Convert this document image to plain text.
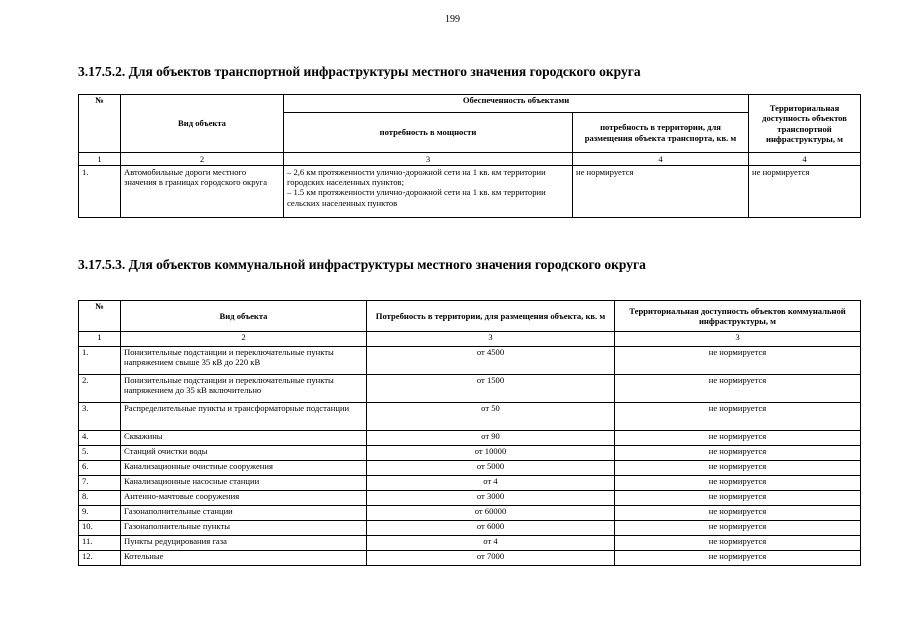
199
3.17.5.2. Для объектов транспортной инфраструктуры местного значения городского округа
№	Вид объекта	Обеспеченность объектами		Территориальная доступность объектов транспортной инфраструктуры, м
		потребность в мощности	потребность в территории, для размещения объекта транспорта, кв. м	
1	2	3	4	4
1.	Автомобильные дороги местного значения в границах городского округа	– 2,6 км протяженности улично-дорожной сети на 1 кв. км территории городских населенных пунктов;
– 1.5 км протяженности улично-дорожной сети на 1 кв. км территории сельских населенных пунктов	не нормируется	не нормируется
3.17.5.3. Для объектов коммунальной инфраструктуры местного значения городского округа
№	Вид объекта	Потребность в территории, для размещения объекта, кв. м	Территориальная доступность объектов коммунальной инфраструктуры, м
1	2	3	3
1.	Понизительные подстанции и переключательные пункты напряжением свыше 35 кВ до 220 кВ	от 4500	не нормируется
2.	Понизительные подстанции и переключательные пункты напряжением до 35 кВ включительно	от 1500	не нормируется
3.	Распределительные пункты и трансформаторные подстанции	от 50	не нормируется
4.	Скважины	от 90	не нормируется
5.	Станций очистки воды	от 10000	не нормируется
6.	Канализационные очистные сооружения	от 5000	не нормируется
7.	Канализационные насосные станции	от 4	не нормируется
8.	Антенно-мачтовые сооружения	от 3000	не нормируется
9.	Газонаполнительные станции	от 60000	не нормируется
10.	Газонаполнительные пункты	от 6000	не нормируется
11.	Пункты редуцирования газа	от 4	не нормируется
12.	Котельные	от 7000	не нормируется
